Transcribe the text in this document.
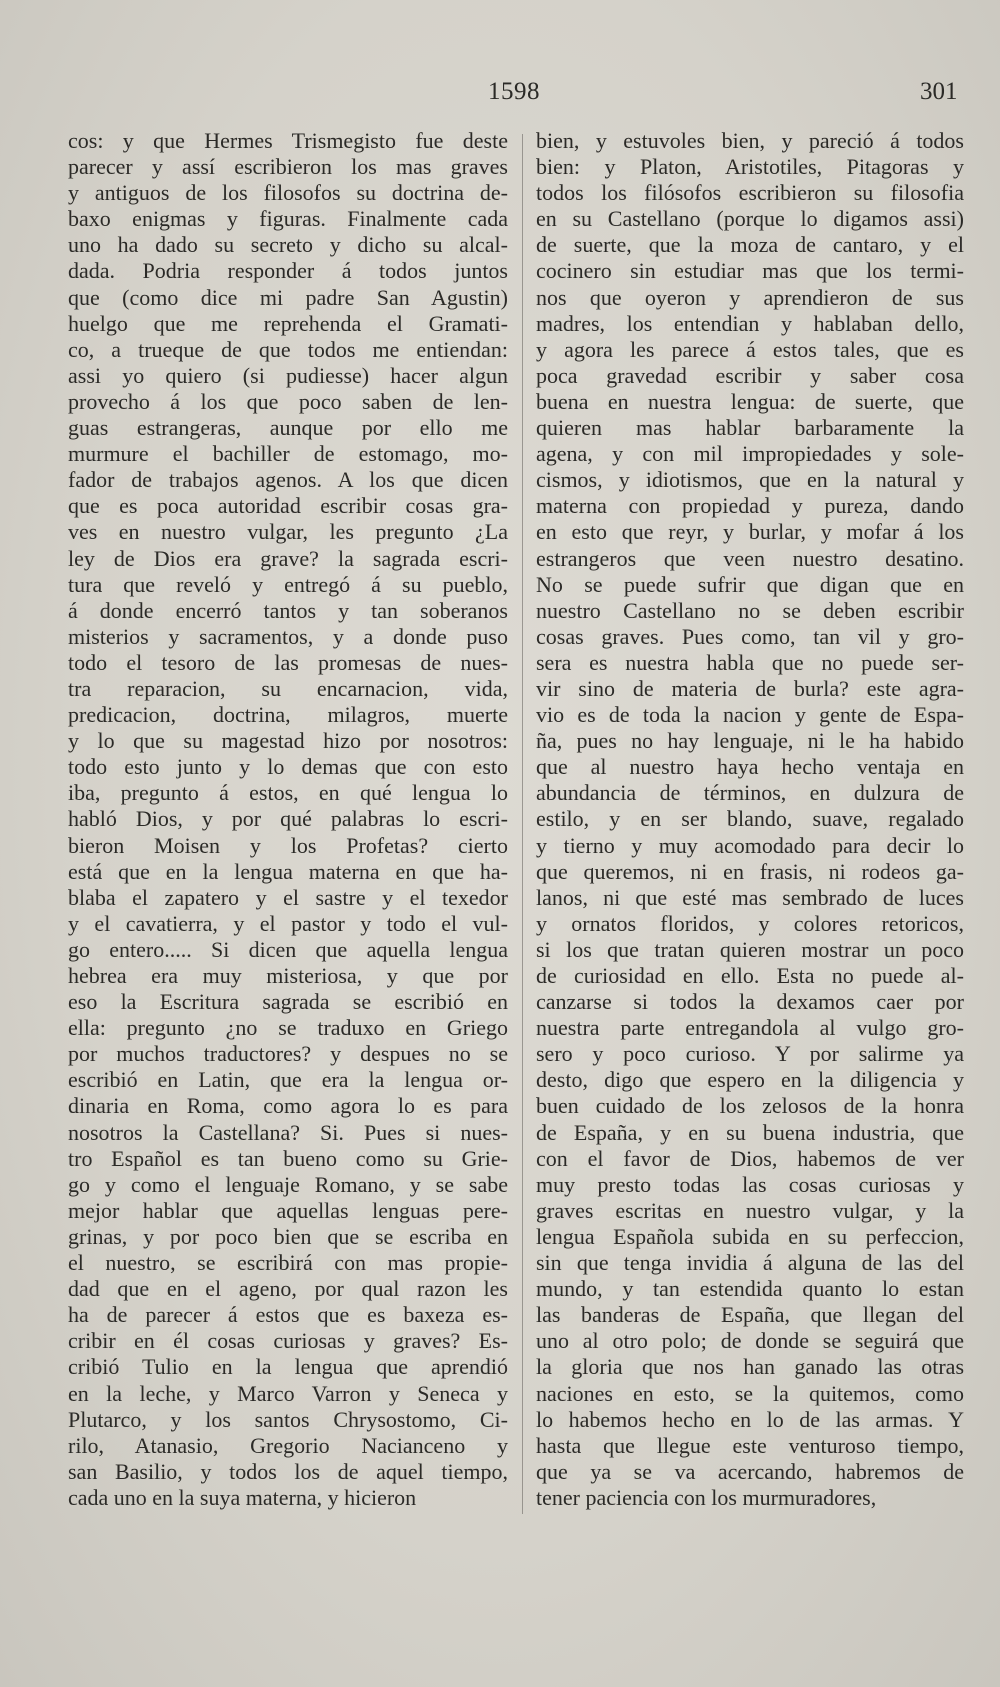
1598	301
cos: y que Hermes Trismegisto fue deste
parecer y assí escribieron los mas graves
y antiguos de los filosofos su doctrina de-
baxo enigmas y figuras. Finalmente cada
uno ha dado su secreto y dicho su alcal-
dada. Podria responder á todos juntos
que (como dice mi padre San Agustin)
huelgo que me reprehenda el Gramati-
co, a trueque de que todos me entiendan:
assi yo quiero (si pudiesse) hacer algun
provecho á los que poco saben de len-
guas estrangeras, aunque por ello me
murmure el bachiller de estomago, mo-
fador de trabajos agenos. A los que dicen
que es poca autoridad escribir cosas gra-
ves en nuestro vulgar, les pregunto ¿La
ley de Dios era grave? la sagrada escri-
tura que reveló y entregó á su pueblo,
á donde encerró tantos y tan soberanos
misterios y sacramentos, y a donde puso
todo el tesoro de las promesas de nues-
tra reparacion, su encarnacion, vida,
predicacion, doctrina, milagros, muerte
y lo que su magestad hizo por nosotros:
todo esto junto y lo demas que con esto
iba, pregunto á estos, en qué lengua lo
habló Dios, y por qué palabras lo escri-
bieron Moisen y los Profetas? cierto
está que en la lengua materna en que ha-
blaba el zapatero y el sastre y el texedor
y el cavatierra, y el pastor y todo el vul-
go entero..... Si dicen que aquella lengua
hebrea era muy misteriosa, y que por
eso la Escritura sagrada se escribió en
ella: pregunto ¿no se traduxo en Griego
por muchos traductores? y despues no se
escribió en Latin, que era la lengua or-
dinaria en Roma, como agora lo es para
nosotros la Castellana? Si. Pues si nues-
tro Español es tan bueno como su Grie-
go y como el lenguaje Romano, y se sabe
mejor hablar que aquellas lenguas pere-
grinas, y por poco bien que se escriba en
el nuestro, se escribirá con mas propie-
dad que en el ageno, por qual razon les
ha de parecer á estos que es baxeza es-
cribir en él cosas curiosas y graves? Es-
cribió Tulio en la lengua que aprendió
en la leche, y Marco Varron y Seneca y
Plutarco, y los santos Chrysostomo, Ci-
rilo, Atanasio, Gregorio Nacianceno y
san Basilio, y todos los de aquel tiempo,
cada uno en la suya materna, y hicieron
bien, y estuvoles bien, y pareció á todos
bien: y Platon, Aristotiles, Pitagoras y
todos los filósofos escribieron su filosofia
en su Castellano (porque lo digamos assi)
de suerte, que la moza de cantaro, y el
cocinero sin estudiar mas que los termi-
nos que oyeron y aprendieron de sus
madres, los entendian y hablaban dello,
y agora les parece á estos tales, que es
poca gravedad escribir y saber cosa
buena en nuestra lengua: de suerte, que
quieren mas hablar barbaramente la
agena, y con mil impropiedades y sole-
cismos, y idiotismos, que en la natural y
materna con propiedad y pureza, dando
en esto que reyr, y burlar, y mofar á los
estrangeros que veen nuestro desatino.
No se puede sufrir que digan que en
nuestro Castellano no se deben escribir
cosas graves. Pues como, tan vil y gro-
sera es nuestra habla que no puede ser-
vir sino de materia de burla? este agra-
vio es de toda la nacion y gente de Espa-
ña, pues no hay lenguaje, ni le ha habido
que al nuestro haya hecho ventaja en
abundancia de términos, en dulzura de
estilo, y en ser blando, suave, regalado
y tierno y muy acomodado para decir lo
que queremos, ni en frasis, ni rodeos ga-
lanos, ni que esté mas sembrado de luces
y ornatos floridos, y colores retoricos,
si los que tratan quieren mostrar un poco
de curiosidad en ello. Esta no puede al-
canzarse si todos la dexamos caer por
nuestra parte entregandola al vulgo gro-
sero y poco curioso. Y por salirme ya
desto, digo que espero en la diligencia y
buen cuidado de los zelosos de la honra
de España, y en su buena industria, que
con el favor de Dios, habemos de ver
muy presto todas las cosas curiosas y
graves escritas en nuestro vulgar, y la
lengua Española subida en su perfeccion,
sin que tenga invidia á alguna de las del
mundo, y tan estendida quanto lo estan
las banderas de España, que llegan del
uno al otro polo; de donde se seguirá que
la gloria que nos han ganado las otras
naciones en esto, se la quitemos, como
lo habemos hecho en lo de las armas. Y
hasta que llegue este venturoso tiempo,
que ya se va acercando, habremos de
tener paciencia con los murmuradores,
